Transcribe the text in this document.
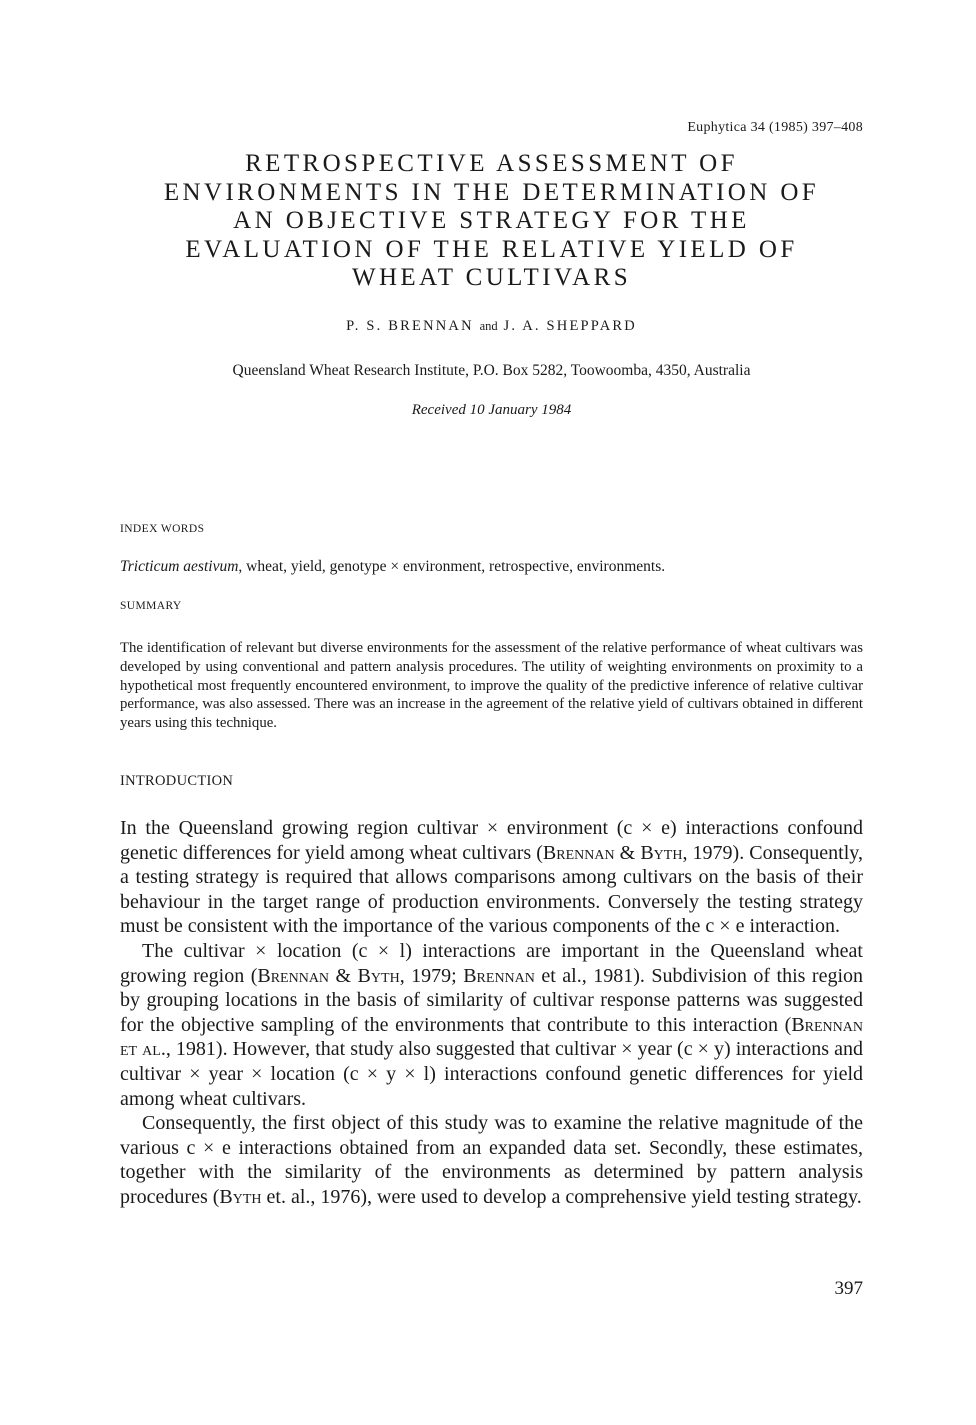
Euphytica 34 (1985) 397–408
RETROSPECTIVE ASSESSMENT OF
ENVIRONMENTS IN THE DETERMINATION OF
AN OBJECTIVE STRATEGY FOR THE
EVALUATION OF THE RELATIVE YIELD OF
WHEAT CULTIVARS
P. S. BRENNAN and J. A. SHEPPARD
Queensland Wheat Research Institute, P.O. Box 5282, Toowoomba, 4350, Australia
Received 10 January 1984
INDEX WORDS
Tricticum aestivum, wheat, yield, genotype × environment, retrospective, environments.
SUMMARY

The identification of relevant but diverse environments for the assessment of the relative performance of wheat cultivars was developed by using conventional and pattern analysis procedures. The utility of weighting environments on proximity to a hypothetical most frequently encountered environment, to improve the quality of the predictive inference of relative cultivar performance, was also assessed. There was an increase in the agreement of the relative yield of cultivars obtained in different years using this technique.

INTRODUCTION

In the Queensland growing region cultivar × environment (c × e) interactions confound genetic differences for yield among wheat cultivars (Brennan & Byth, 1979). Consequently, a testing strategy is required that allows comparisons among cultivars on the basis of their behaviour in the target range of production environments. Conversely the testing strategy must be consistent with the importance of the various components of the c × e interaction.

The cultivar × location (c × l) interactions are important in the Queensland wheat growing region (Brennan & Byth, 1979; Brennan et al., 1981). Subdivision of this region by grouping locations in the basis of similarity of cultivar response patterns was suggested for the objective sampling of the environments that contribute to this interaction (Brennan et al., 1981). However, that study also suggested that cultivar × year (c × y) interactions and cultivar × year × location (c × y × l) interactions confound genetic differences for yield among wheat cultivars.

Consequently, the first object of this study was to examine the relative magnitude of the various c × e interactions obtained from an expanded data set. Secondly, these estimates, together with the similarity of the environments as determined by pattern analysis procedures (Byth et. al., 1976), were used to develop a comprehensive yield testing strategy.

397
